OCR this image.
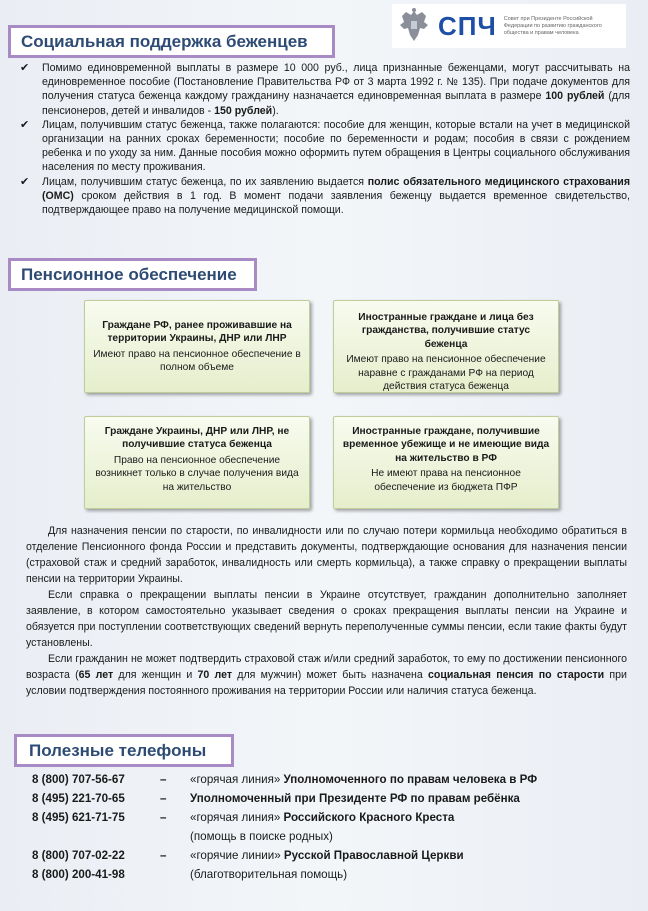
СПЧ Совет при Президенте Российской Федерации по развитию гражданского общества и правам человека
Социальная поддержка беженцев
✔ Помимо единовременной выплаты в размере 10 000 руб., лица признанные беженцами, могут рассчитывать на единовременное пособие (Постановление Правительства РФ от 3 марта 1992 г. № 135). При подаче документов для получения статуса беженца каждому гражданину назначается единовременная выплата в размере 100 рублей (для пенсионеров, детей и инвалидов - 150 рублей).
✔ Лицам, получившим статус беженца, также полагаются: пособие для женщин, которые встали на учет в медицинской организации на ранних сроках беременности; пособие по беременности и родам; пособия в связи с рождением ребенка и по уходу за ним. Данные пособия можно оформить путем обращения в Центры социального обслуживания населения по месту проживания.
✔ Лицам, получившим статус беженца, по их заявлению выдается полис обязательного медицинского страхования (ОМС) сроком действия в 1 год. В момент подачи заявления беженцу выдается временное свидетельство, подтверждающее право на получение медицинской помощи.
Пенсионное обеспечение
Граждане РФ, ранее проживавшие на территории Украины, ДНР или ЛНР
Имеют право на пенсионное обеспечение в полном объеме
Иностранные граждане и лица без гражданства, получившие статус беженца
Имеют право на пенсионное обеспечение наравне с гражданами РФ на период действия статуса беженца
Граждане Украины, ДНР или ЛНР, не получившие статуса беженца
Право на пенсионное обеспечение возникнет только в случае получения вида на жительство
Иностранные граждане, получившие временное убежище и не имеющие вида на жительство в РФ
Не имеют права на пенсионное обеспечение из бюджета ПФР
Для назначения пенсии по старости, по инвалидности или по случаю потери кормильца необходимо обратиться в отделение Пенсионного фонда России и представить документы, подтверждающие основания для назначения пенсии (страховой стаж и средний заработок, инвалидность или смерть кормильца), а также справку о прекращении выплаты пенсии на территории Украины.
Если справка о прекращении выплаты пенсии в Украине отсутствует, гражданин дополнительно заполняет заявление, в котором самостоятельно указывает сведения о сроках прекращения выплаты пенсии на Украине и обязуется при поступлении соответствующих сведений вернуть переполученные суммы пенсии, если такие факты будут установлены.
Если гражданин не может подтвердить страховой стаж и/или средний заработок, то ему по достижении пенсионного возраста (65 лет для женщин и 70 лет для мужчин) может быть назначена социальная пенсия по старости при условии подтверждения постоянного проживания на территории России или наличия статуса беженца.
Полезные телефоны
8 (800) 707-56-67	–	«горячая линия» Уполномоченного по правам человека в РФ
8 (495) 221-70-65	–	Уполномоченный при Президенте РФ по правам ребёнка
8 (495) 621-71-75	–	«горячая линия» Российского Красного Креста
(помощь в поиске родных)
8 (800) 707-02-22	–	«горячие линии» Русской Православной Церкви
8 (800) 200-41-98	(благотворительная помощь)
